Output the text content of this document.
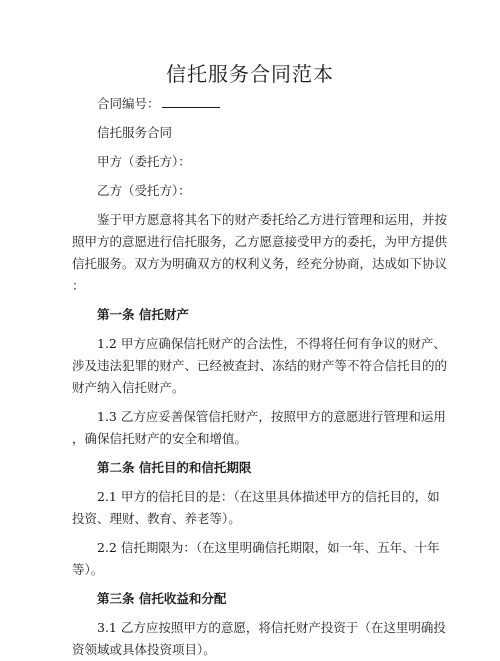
信托服务合同范本

合同编号：

信托服务合同

甲方（委托方）：

乙方（受托方）：

鉴于甲方愿意将其名下的财产委托给乙方进行管理和运用，并按

照甲方的意愿进行信托服务，乙方愿意接受甲方的委托，为甲方提供

信托服务。双方为明确双方的权利义务，经充分协商，达成如下协议

：

第一条 信托财产

1.2 甲方应确保信托财产的合法性，不得将任何有争议的财产、

涉及违法犯罪的财产、已经被查封、冻结的财产等不符合信托目的的

财产纳入信托财产。

1.3 乙方应妥善保管信托财产，按照甲方的意愿进行管理和运用

，确保信托财产的安全和增值。

第二条 信托目的和信托期限

2.1 甲方的信托目的是：（在这里具体描述甲方的信托目的，如

投资、理财、教育、养老等）。

2.2 信托期限为：（在这里明确信托期限，如一年、五年、十年

等）。

第三条 信托收益和分配

3.1 乙方应按照甲方的意愿，将信托财产投资于（在这里明确投

资领域或具体投资项目）。
